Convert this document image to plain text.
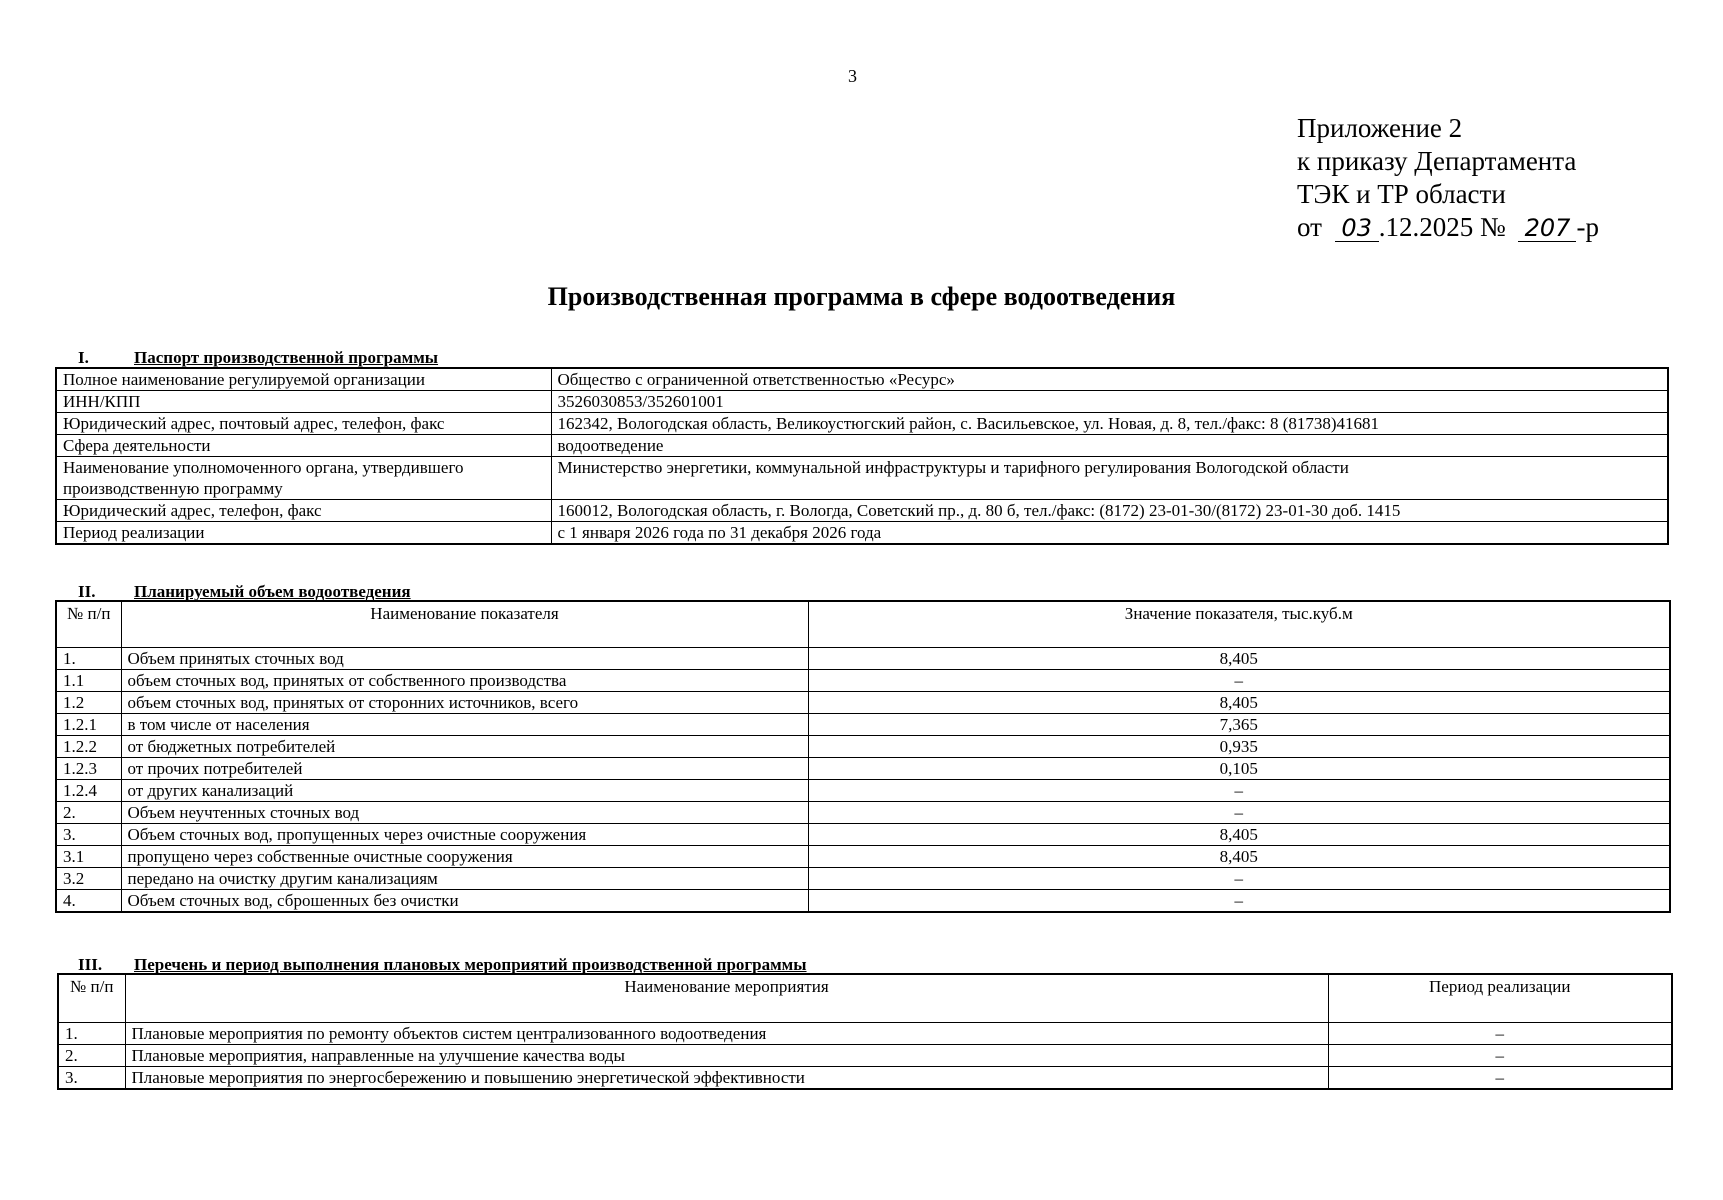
3
Приложение 2
к приказу Департамента
ТЭК и ТР области
от 03 .12.2025 № 207 -р
Производственная программа в сфере водоотведения
I.	Паспорт производственной программы
Полное наименование регулируемой организации	Общество с ограниченной ответственностью «Ресурс»
ИНН/КПП	3526030853/352601001
Юридический адрес, почтовый адрес, телефон, факс	162342, Вологодская область, Великоустюгский район, с. Васильевское, ул. Новая, д. 8, тел./факс: 8 (81738)41681
Сфера деятельности	водоотведение
Наименование уполномоченного органа, утвердившего производственную программу	Министерство энергетики, коммунальной инфраструктуры и тарифного регулирования Вологодской области
Юридический адрес, телефон, факс	160012, Вологодская область, г. Вологда, Советский пр., д. 80 б, тел./факс: (8172) 23-01-30/(8172) 23-01-30 доб. 1415
Период реализации	с 1 января 2026 года по 31 декабря 2026 года
II. Планируемый объем водоотведения
№ п/п	Наименование показателя	Значение показателя, тыс.куб.м
1.	Объем принятых сточных вод	8,405
1.1	объем сточных вод, принятых от собственного производства	–
1.2	объем сточных вод, принятых от сторонних источников, всего	8,405
1.2.1	в том числе от населения	7,365
1.2.2	от бюджетных потребителей	0,935
1.2.3	от прочих потребителей	0,105
1.2.4	от других канализаций	–
2.	Объем неучтенных сточных вод	–
3.	Объем сточных вод, пропущенных через очистные сооружения	8,405
3.1	пропущено через собственные очистные сооружения	8,405
3.2	передано на очистку другим канализациям	–
4.	Объем сточных вод, сброшенных без очистки	–
III. Перечень и период выполнения плановых мероприятий производственной программы
№ п/п	Наименование мероприятия	Период реализации
1.	Плановые мероприятия по ремонту объектов систем централизованного водоотведения	–
2.	Плановые мероприятия, направленные на улучшение качества воды	–
3.	Плановые мероприятия по энергосбережению и повышению энергетической эффективности	–
